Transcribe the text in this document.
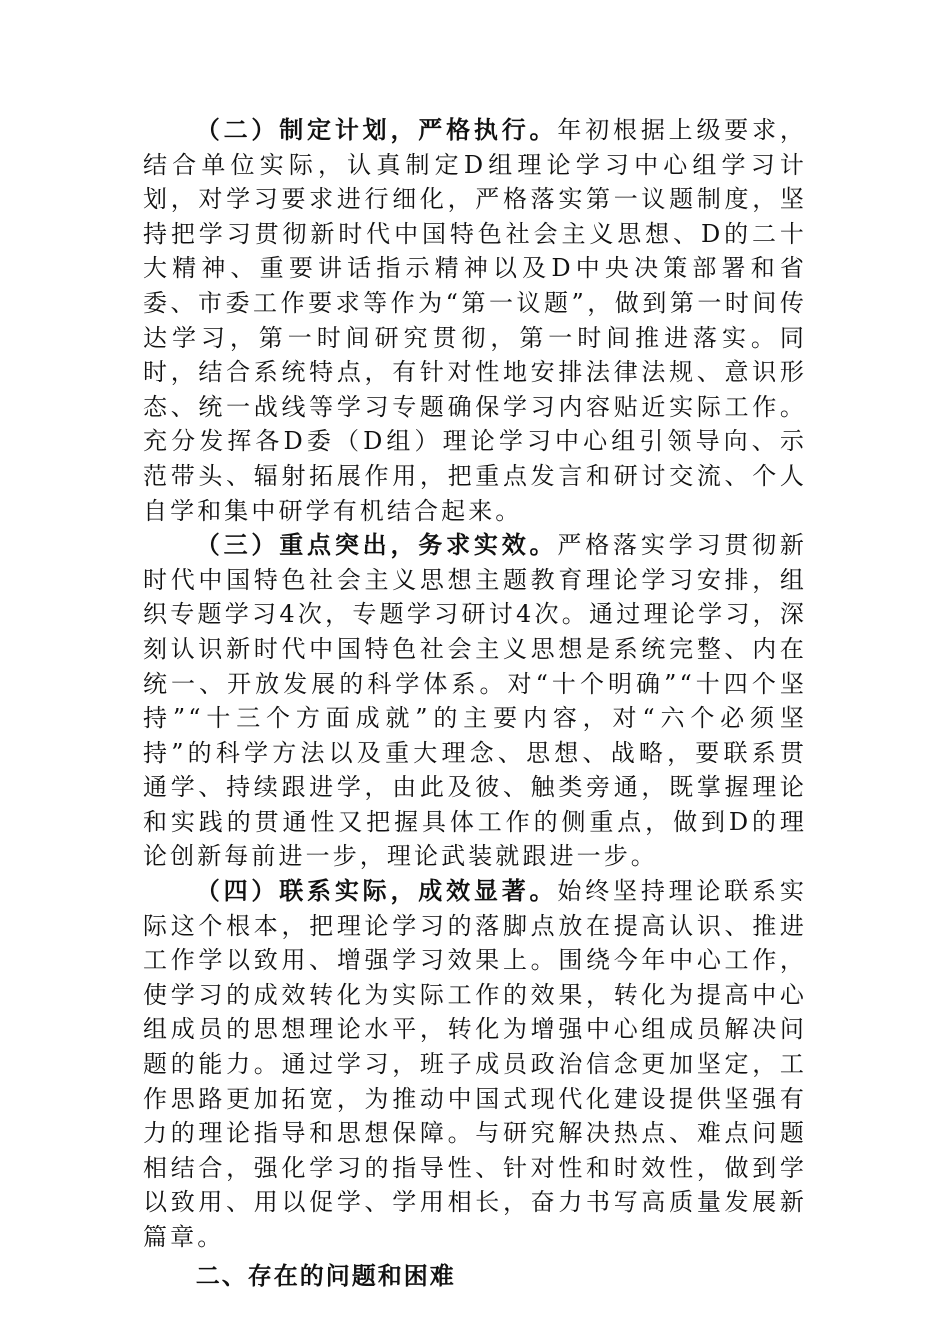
（二）制定计划，严格执行。年初根据上级要求，结合单位实际，认真制定D组理论学习中心组学习计划，对学习要求进行细化，严格落实第一议题制度，坚持把学习贯彻新时代中国特色社会主义思想、D的二十大精神、重要讲话指示精神以及D中央决策部署和省委、市委工作要求等作为“第一议题”，做到第一时间传达学习，第一时间研究贯彻，第一时间推进落实。同时，结合系统特点，有针对性地安排法律法规、意识形态、统一战线等学习专题确保学习内容贴近实际工作。充分发挥各D委（D组）理论学习中心组引领导向、示范带头、辐射拓展作用，把重点发言和研讨交流、个人自学和集中研学有机结合起来。

（三）重点突出，务求实效。严格落实学习贯彻新时代中国特色社会主义思想主题教育理论学习安排，组织专题学习4次，专题学习研讨4次。通过理论学习，深刻认识新时代中国特色社会主义思想是系统完整、内在统一、开放发展的科学体系。对“十个明确”“十四个坚持”“十三个方面成就”的主要内容，对“六个必须坚持”的科学方法以及重大理念、思想、战略，要联系贯通学、持续跟进学，由此及彼、触类旁通，既掌握理论和实践的贯通性又把握具体工作的侧重点，做到D的理论创新每前进一步，理论武装就跟进一步。

（四）联系实际，成效显著。始终坚持理论联系实际这个根本，把理论学习的落脚点放在提高认识、推进工作学以致用、增强学习效果上。围绕今年中心工作，使学习的成效转化为实际工作的效果，转化为提高中心组成员的思想理论水平，转化为增强中心组成员解决问题的能力。通过学习，班子成员政治信念更加坚定，工作思路更加拓宽，为推动中国式现代化建设提供坚强有力的理论指导和思想保障。与研究解决热点、难点问题相结合，强化学习的指导性、针对性和时效性，做到学以致用、用以促学、学用相长，奋力书写高质量发展新篇章。

二、存在的问题和困难
